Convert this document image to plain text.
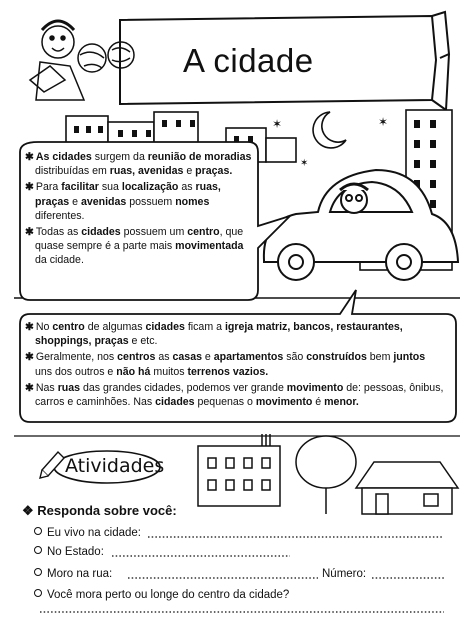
✶	✶
✶
A cidade

✱ As cidades surgem da reunião de moradias distribuídas em ruas, avenidas e praças.

✱ Para facilitar sua localização as ruas, praças e avenidas possuem nomes diferentes.

✱ Todas as cidades possuem um centro, que quase sempre é a parte mais movimentada da cidade.

✱ No centro de algumas cidades ficam a igreja matriz, bancos, restaurantes, shoppings, praças e etc.

✱ Geralmente, nos centros as casas e apartamentos são construídos bem juntos uns dos outros e não há muitos terrenos vazios.

✱ Nas ruas das grandes cidades, podemos ver grande movimento de: pessoas, ônibus, carros e caminhões. Nas cidades pequenas o movimento é menor.

Atividades
❖ Responda sobre você:
Eu vivo na cidade:
No Estado:
Moro na rua:	Número:
Você mora perto ou longe do centro da cidade?
